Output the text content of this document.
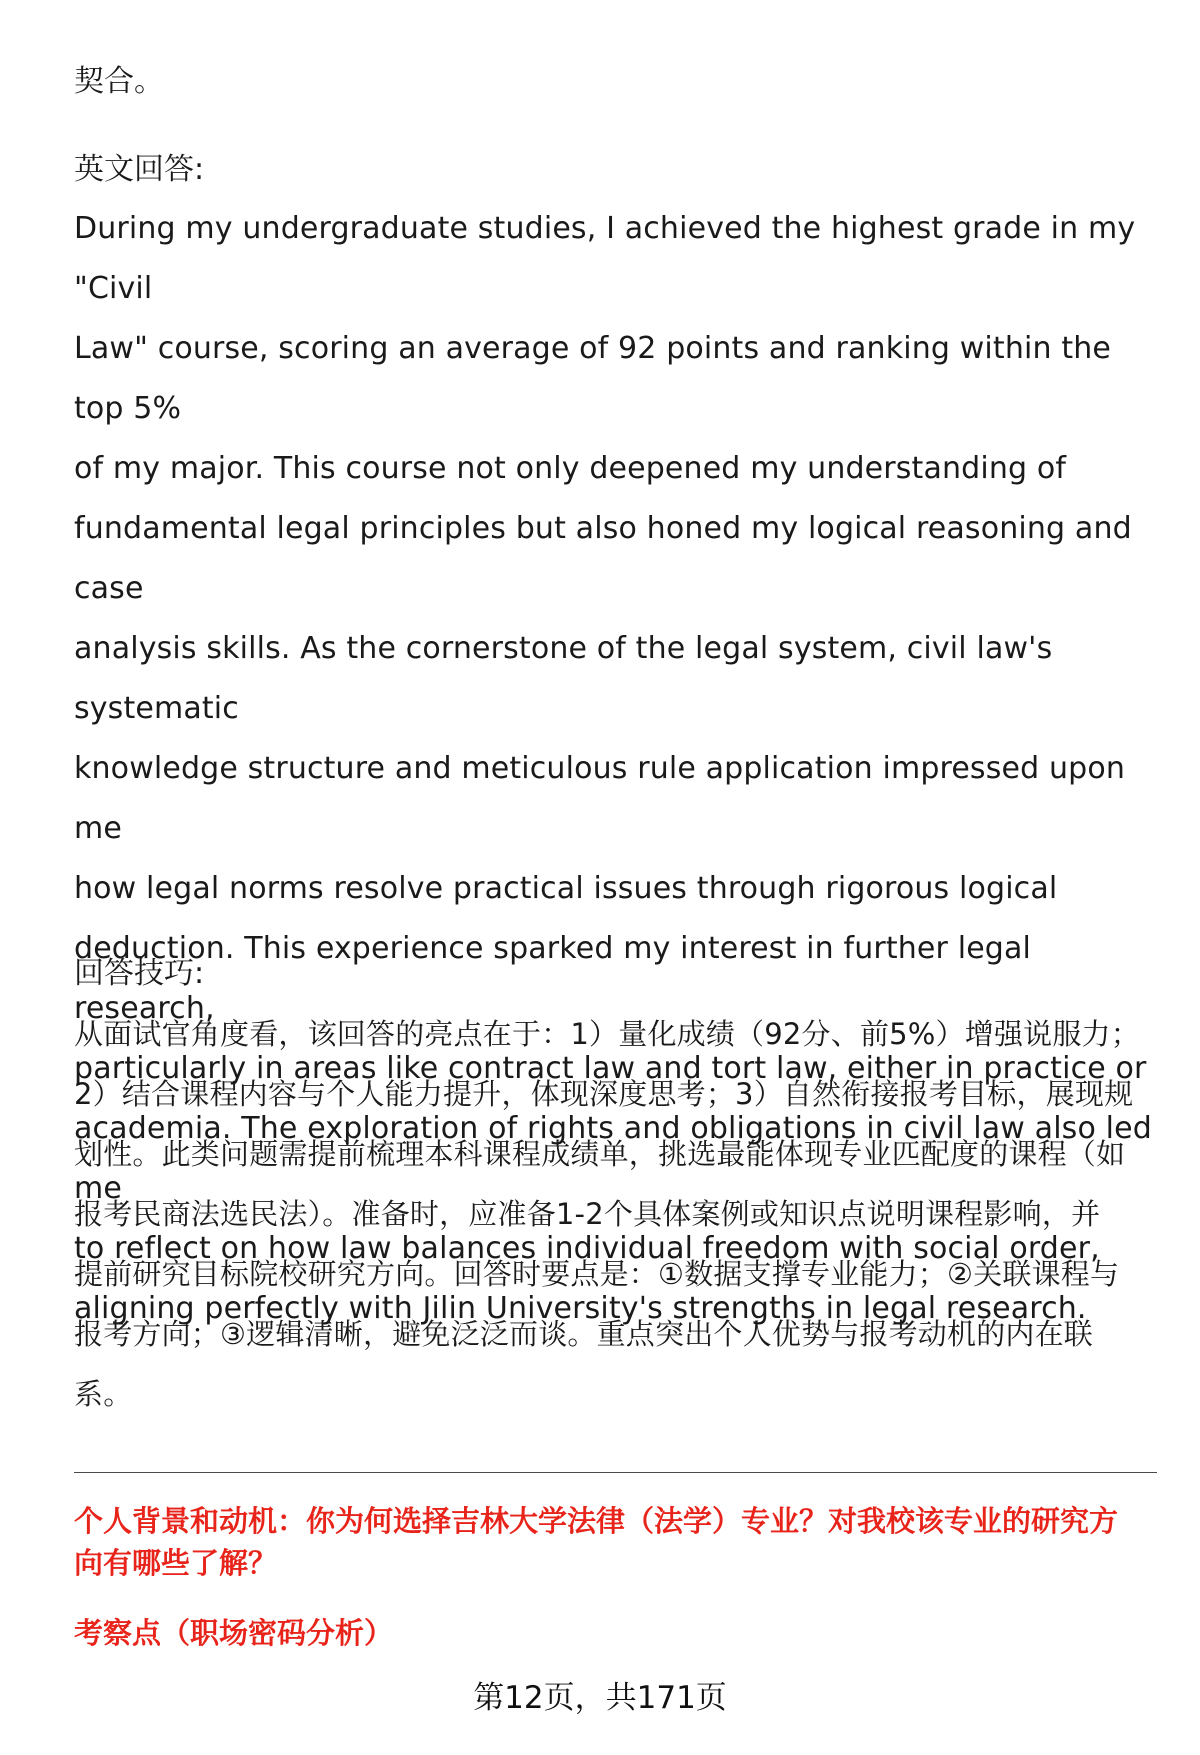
契合。

英文回答:

During my undergraduate studies, I achieved the highest grade in my "Civil
Law" course, scoring an average of 92 points and ranking within the top 5%
of my major. This course not only deepened my understanding of
fundamental legal principles but also honed my logical reasoning and case
analysis skills. As the cornerstone of the legal system, civil law's systematic
knowledge structure and meticulous rule application impressed upon me
how legal norms resolve practical issues through rigorous logical
deduction. This experience sparked my interest in further legal research,
particularly in areas like contract law and tort law, either in practice or
academia. The exploration of rights and obligations in civil law also led me
to reflect on how law balances individual freedom with social order,
aligning perfectly with Jilin University's strengths in legal research.

回答技巧:

从面试官角度看，该回答的亮点在于：1）量化成绩（92分、前5%）增强说服力；
2）结合课程内容与个人能力提升，体现深度思考；3）自然衔接报考目标，展现规
划性。此类问题需提前梳理本科课程成绩单，挑选最能体现专业匹配度的课程（如
报考民商法选民法）。准备时，应准备1-2个具体案例或知识点说明课程影响，并
提前研究目标院校研究方向。回答时要点是：①数据支撑专业能力；②关联课程与
报考方向；③逻辑清晰，避免泛泛而谈。重点突出个人优势与报考动机的内在联
系。
个人背景和动机：你为何选择吉林大学法律（法学）专业？对我校该专业的研究方
向有哪些了解？
考察点（职场密码分析）
第12页，共171页
